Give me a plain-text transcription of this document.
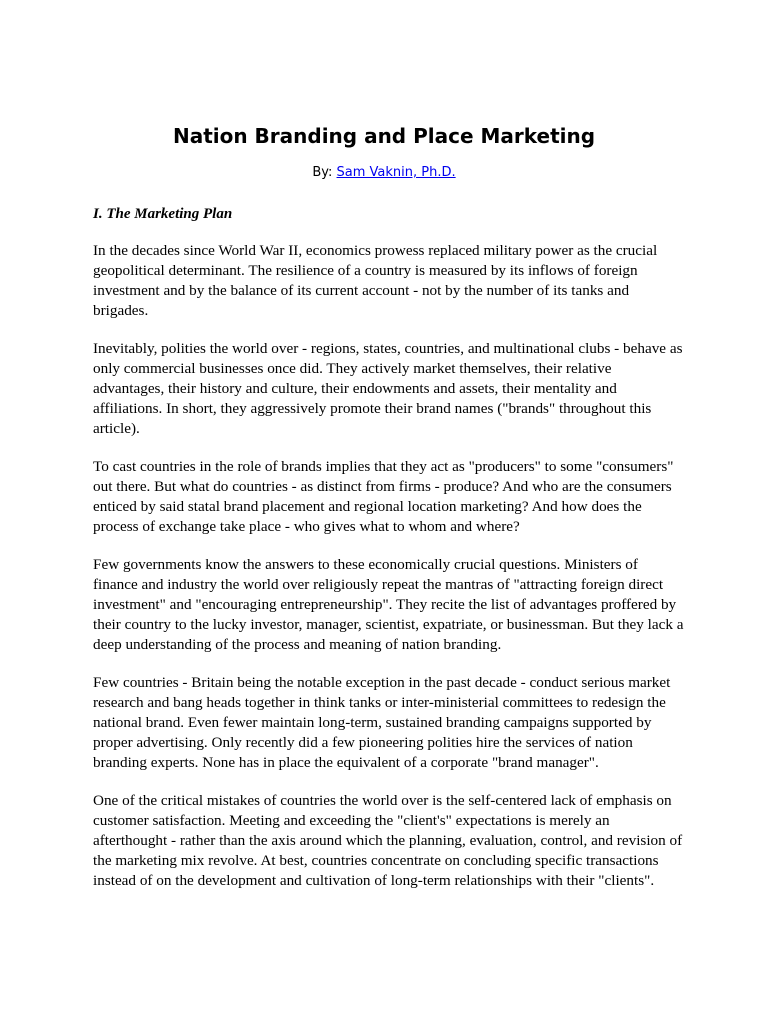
Nation Branding and Place Marketing
By: Sam Vaknin, Ph.D.
I. The Marketing Plan

In the decades since World War II, economics prowess replaced military power as the crucial geopolitical determinant. The resilience of a country is measured by its inflows of foreign investment and by the balance of its current account - not by the number of its tanks and brigades.

Inevitably, polities the world over - regions, states, countries, and multinational clubs - behave as only commercial businesses once did. They actively market themselves, their relative advantages, their history and culture, their endowments and assets, their mentality and affiliations. In short, they aggressively promote their brand names ("brands" throughout this article).

To cast countries in the role of brands implies that they act as "producers" to some "consumers" out there. But what do countries - as distinct from firms - produce? And who are the consumers enticed by said statal brand placement and regional location marketing? And how does the process of exchange take place - who gives what to whom and where?

Few governments know the answers to these economically crucial questions. Ministers of finance and industry the world over religiously repeat the mantras of "attracting foreign direct investment" and "encouraging entrepreneurship". They recite the list of advantages proffered by their country to the lucky investor, manager, scientist, expatriate, or businessman. But they lack a deep understanding of the process and meaning of nation branding.

Few countries - Britain being the notable exception in the past decade - conduct serious market research and bang heads together in think tanks or inter-ministerial committees to redesign the national brand. Even fewer maintain long-term, sustained branding campaigns supported by proper advertising. Only recently did a few pioneering polities hire the services of nation branding experts. None has in place the equivalent of a corporate "brand manager".

One of the critical mistakes of countries the world over is the self-centered lack of emphasis on customer satisfaction. Meeting and exceeding the "client's" expectations is merely an afterthought - rather than the axis around which the planning, evaluation, control, and revision of the marketing mix revolve. At best, countries concentrate on concluding specific transactions instead of on the development and cultivation of long-term relationships with their "clients".
